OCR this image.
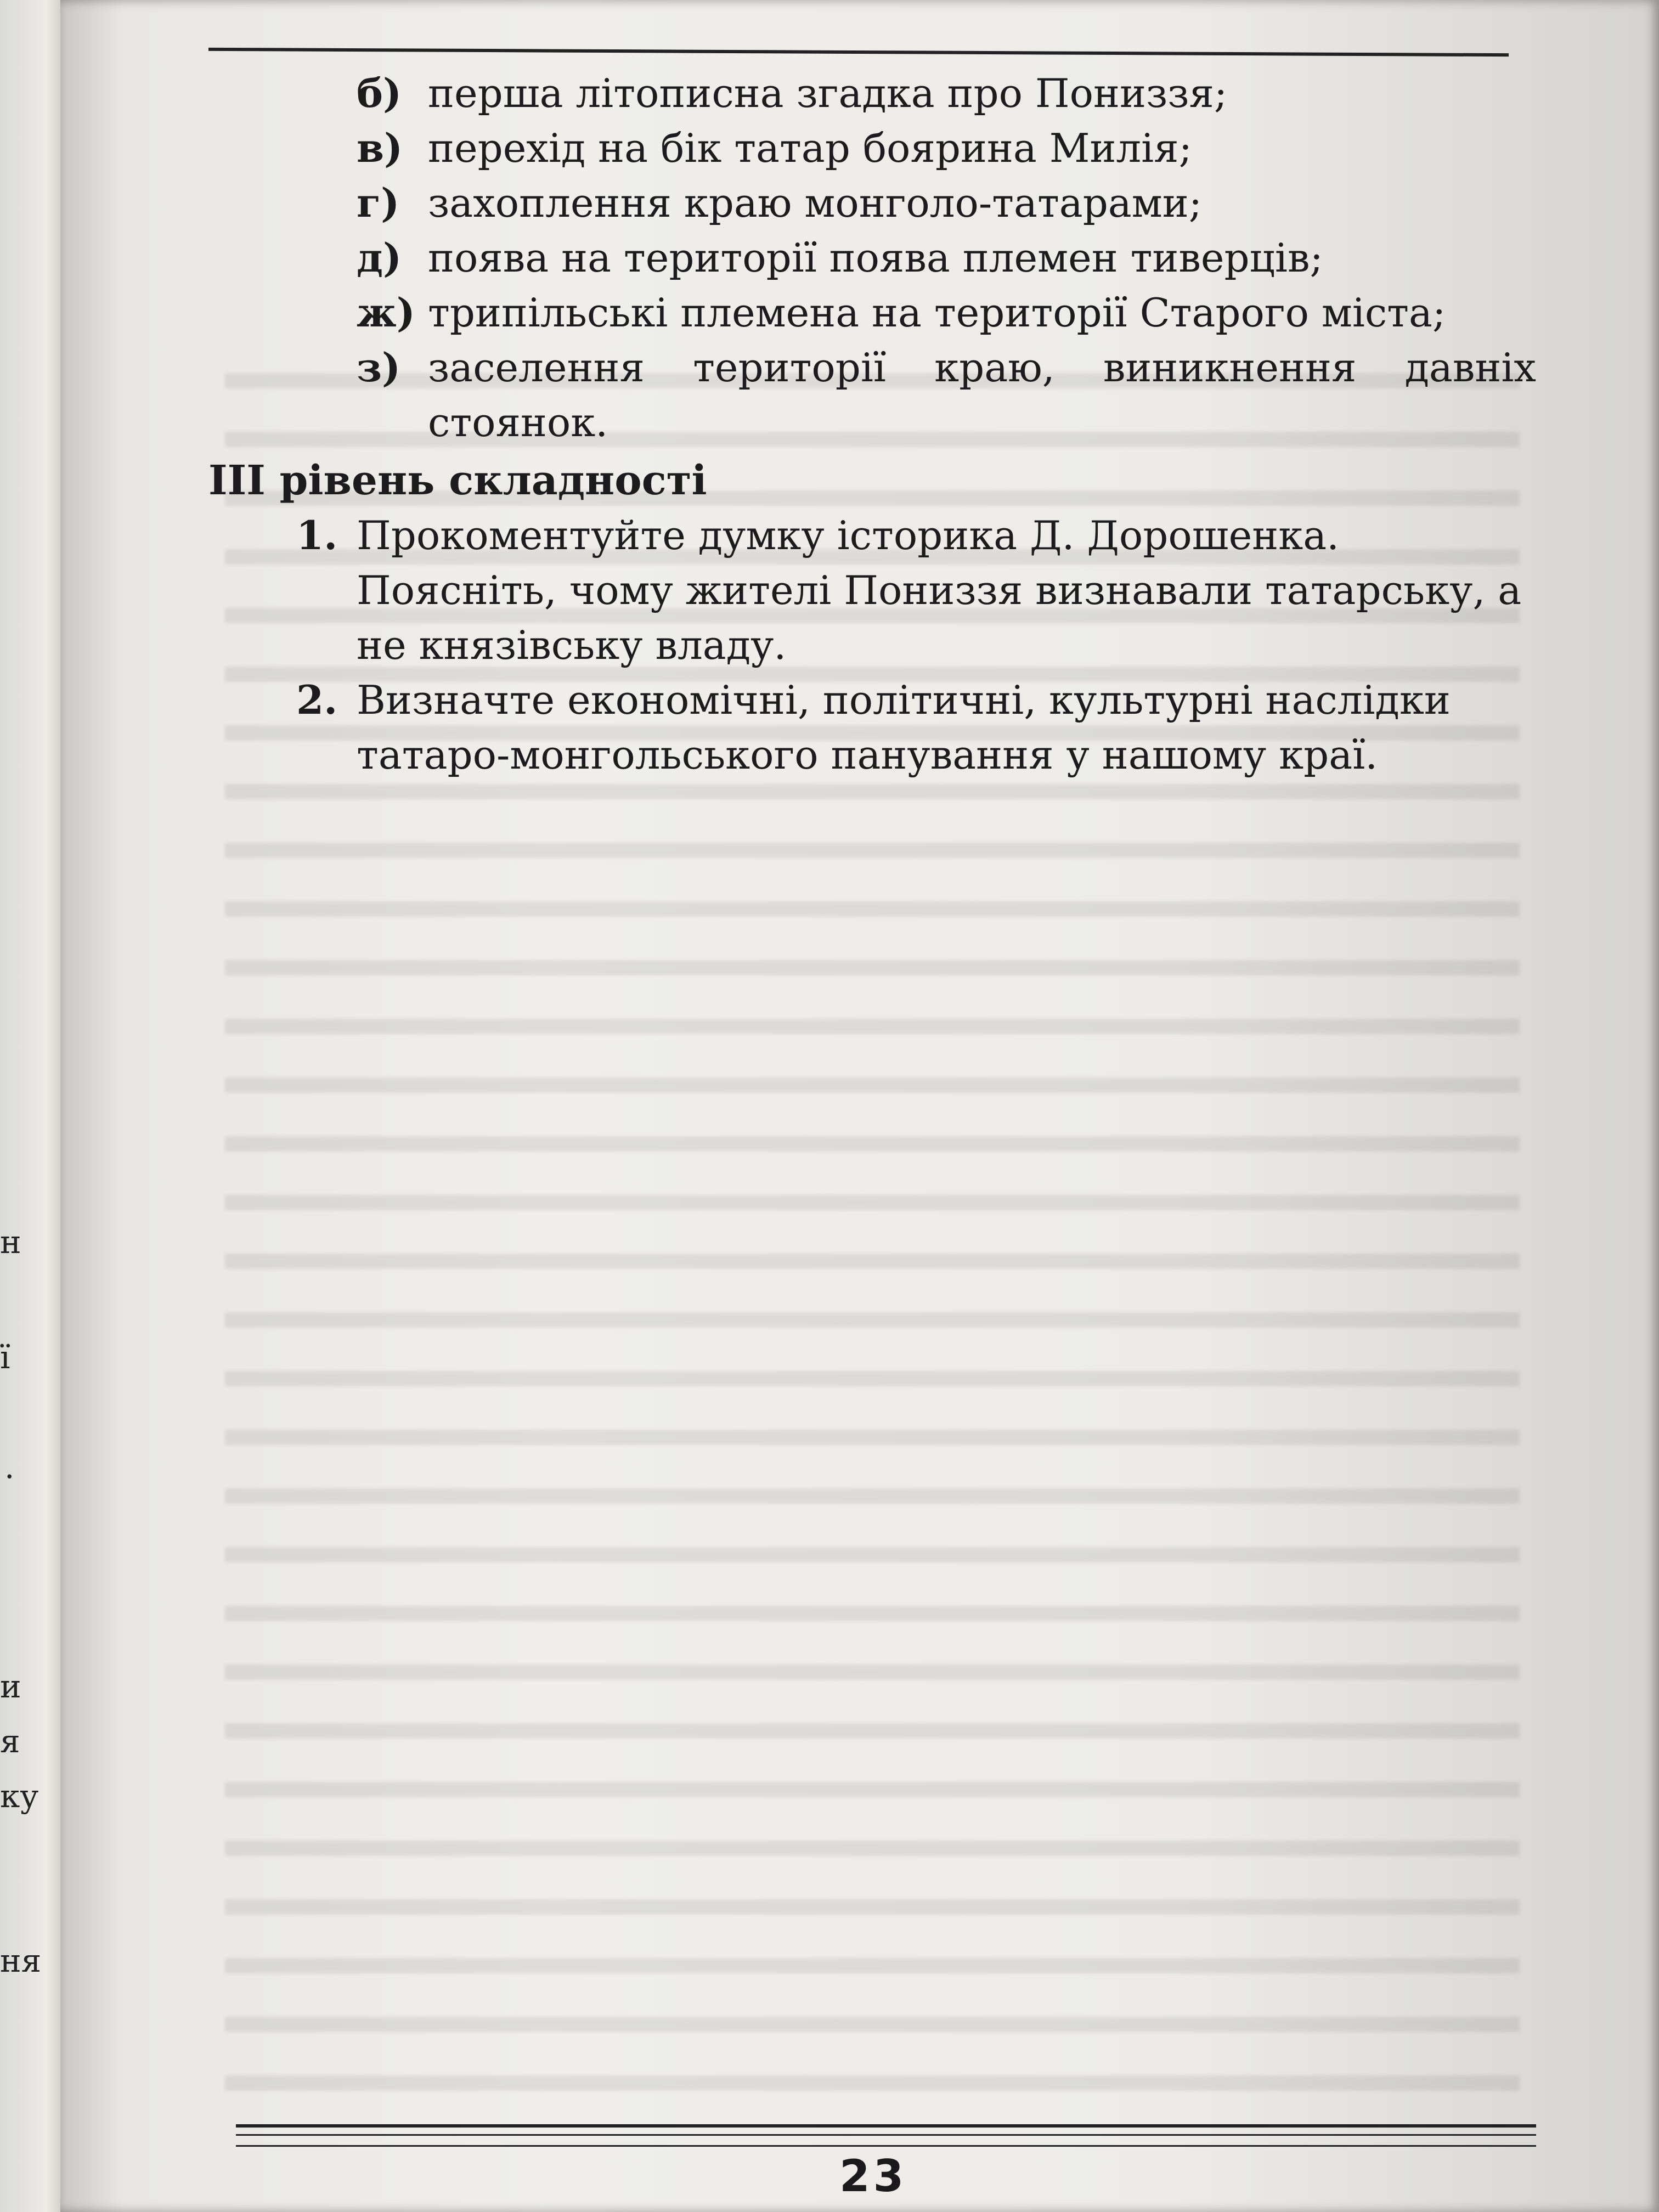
н
ї
.
и
я
ку
ня
б) перша літописна згадка про Пониззя;
в) перехід на бік татар боярина Милія;
г) захоплення краю монголо-татарами;
д) поява на території поява племен тиверців;
ж) трипільські племена на території Старого міста;
з) заселення території краю, виникнення давніх стоянок.
III рівень складності
1. Прокоментуйте думку історика Д. Дорошенка. Поясніть, чому жителі Пониззя визнавали татарську, а не князівську владу.
2. Визначте економічні, політичні, культурні наслідки татаро-монгольського панування у нашому краї.
23
